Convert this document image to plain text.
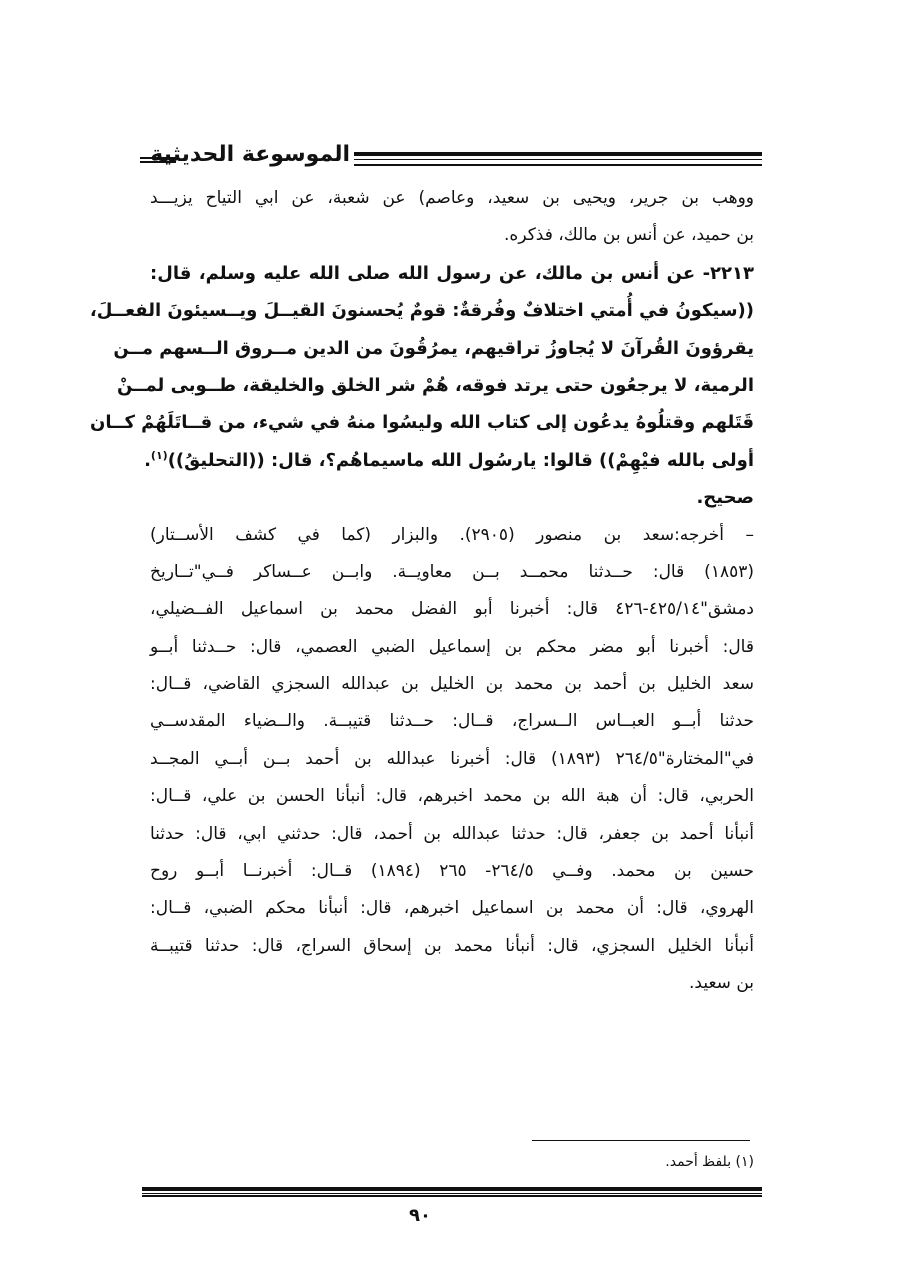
الموسوعة الحديثية
ووهب بن جرير، ويحيى بن سعيد، وعاصم) عن شعبة، عن ابي التياح يزيـــد
بن حميد، عن أنس بن مالك، فذكره.
٢٢١٣- عن أنس بن مالك، عن رسول الله صلى الله عليه وسلم، قال:
((سيكونُ في أُمتي اختلافٌ وفُرقةٌ: قومٌ يُحسنونَ القيــلَ ويــسيئونَ الفعــلَ،
يقرؤونَ القُرآنَ لا يُجاوزُ تراقيهم، يمرُقُونَ من الدين مــروق الــسهم مــن
الرمية، لا يرجعُون حتى يرتد فوقه، هُمْ شر الخلق والخليقة، طــوبى لمــنْ
قَتَلهم وقتلُوهُ يدعُون إلى كتاب الله وليسُوا منهُ في شيء، من قــاتَلَهُمْ كــان
أولى بالله فيْهِمْ)) قالوا: يارسُول الله ماسيماهُم؟، قال: ((التحليقُ))$^{(١)}$.
صحيح.
– أخرجه:سعد بن منصور (٢٩٠٥). والبزار (كما في كشف الأســتار)
(١٨٥٣) قال: حــدثنا محمــد بــن معاويــة. وابــن عــساكر فــي"تــاريخ
دمشق"٤٢٥/١٤-٤٢٦ قال: أخبرنا أبو الفضل محمد بن اسماعيل الفــضيلي،
قال: أخبرنا أبو مضر محكم بن إسماعيل الضبي العصمي، قال: حــدثنا أبــو
سعد الخليل بن أحمد بن محمد بن الخليل بن عبدالله السجزي القاضي، قــال:
حدثنا أبــو العبــاس الــسراج، قــال: حــدثنا قتيبــة. والــضياء المقدســي
في"المختارة"٢٦٤/٥ (١٨٩٣) قال: أخبرنا عبدالله بن أحمد بــن أبــي المجــد
الحربي، قال: أن هبة الله بن محمد اخبرهم، قال: أنبأنا الحسن بن علي، قــال:
أنبأنا أحمد بن جعفر، قال: حدثنا عبدالله بن أحمد، قال: حدثني ابي، قال: حدثنا
حسين بن محمد. وفــي ٢٦٤/٥- ٢٦٥ (١٨٩٤) قــال: أخبرنــا أبــو روح
الهروي، قال: أن محمد بن اسماعيل اخبرهم، قال: أنبأنا محكم الضبي، قــال:
أنبأنا الخليل السجزي، قال: أنبأنا محمد بن إسحاق السراج، قال: حدثنا قتيبــة
بن سعيد.
(١) بلفظ أحمد.
٩٠
